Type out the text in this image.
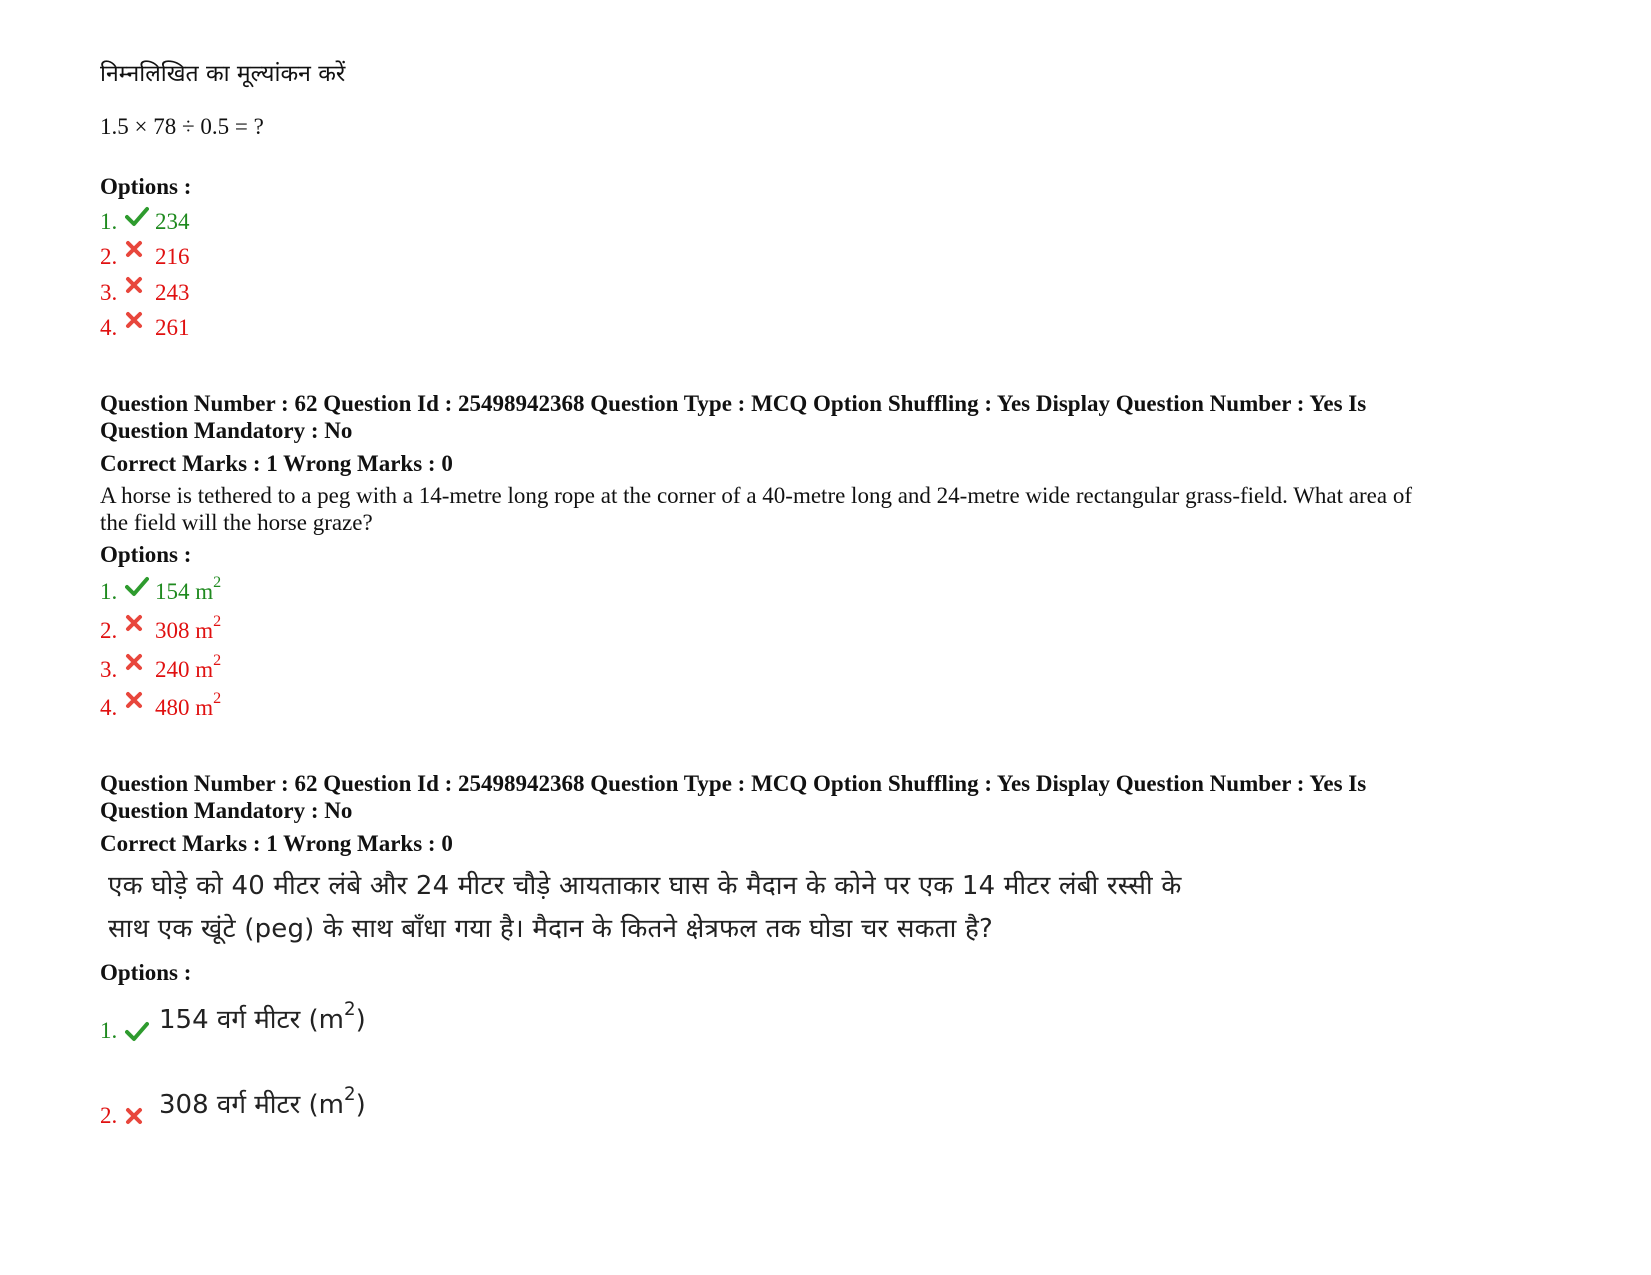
निम्नलिखित का मूल्यांकन करें
1.5 × 78 ÷ 0.5 = ?
Options :
1.	234
2.	216
3.	243
4.	261
Question Number : 62 Question Id : 25498942368 Question Type : MCQ Option Shuffling : Yes Display Question Number : Yes Is
Question Mandatory : No
Correct Marks : 1 Wrong Marks : 0
A horse is tethered to a peg with a 14-metre long rope at the corner of a 40-metre long and 24-metre wide rectangular grass-field. What area of
the field will the horse graze?
Options :
1.	154 $m^2$
2.	308 $m^2$
3.	240 $m^2$
4.	480 $m^2$
Question Number : 62 Question Id : 25498942368 Question Type : MCQ Option Shuffling : Yes Display Question Number : Yes Is
Question Mandatory : No
Correct Marks : 1 Wrong Marks : 0
एक घोड़े को 40 मीटर लंबे और 24 मीटर चौड़े आयताकार घास के मैदान के कोने पर एक 14 मीटर लंबी रस्सी के
साथ एक खूंटे (peg) के साथ बाँधा गया है। मैदान के कितने क्षेत्रफल तक घोडा चर सकता है?
Options :
1. 154 वर्ग मीटर $(m^2)$
2. 308 वर्ग मीटर $(m^2)$
